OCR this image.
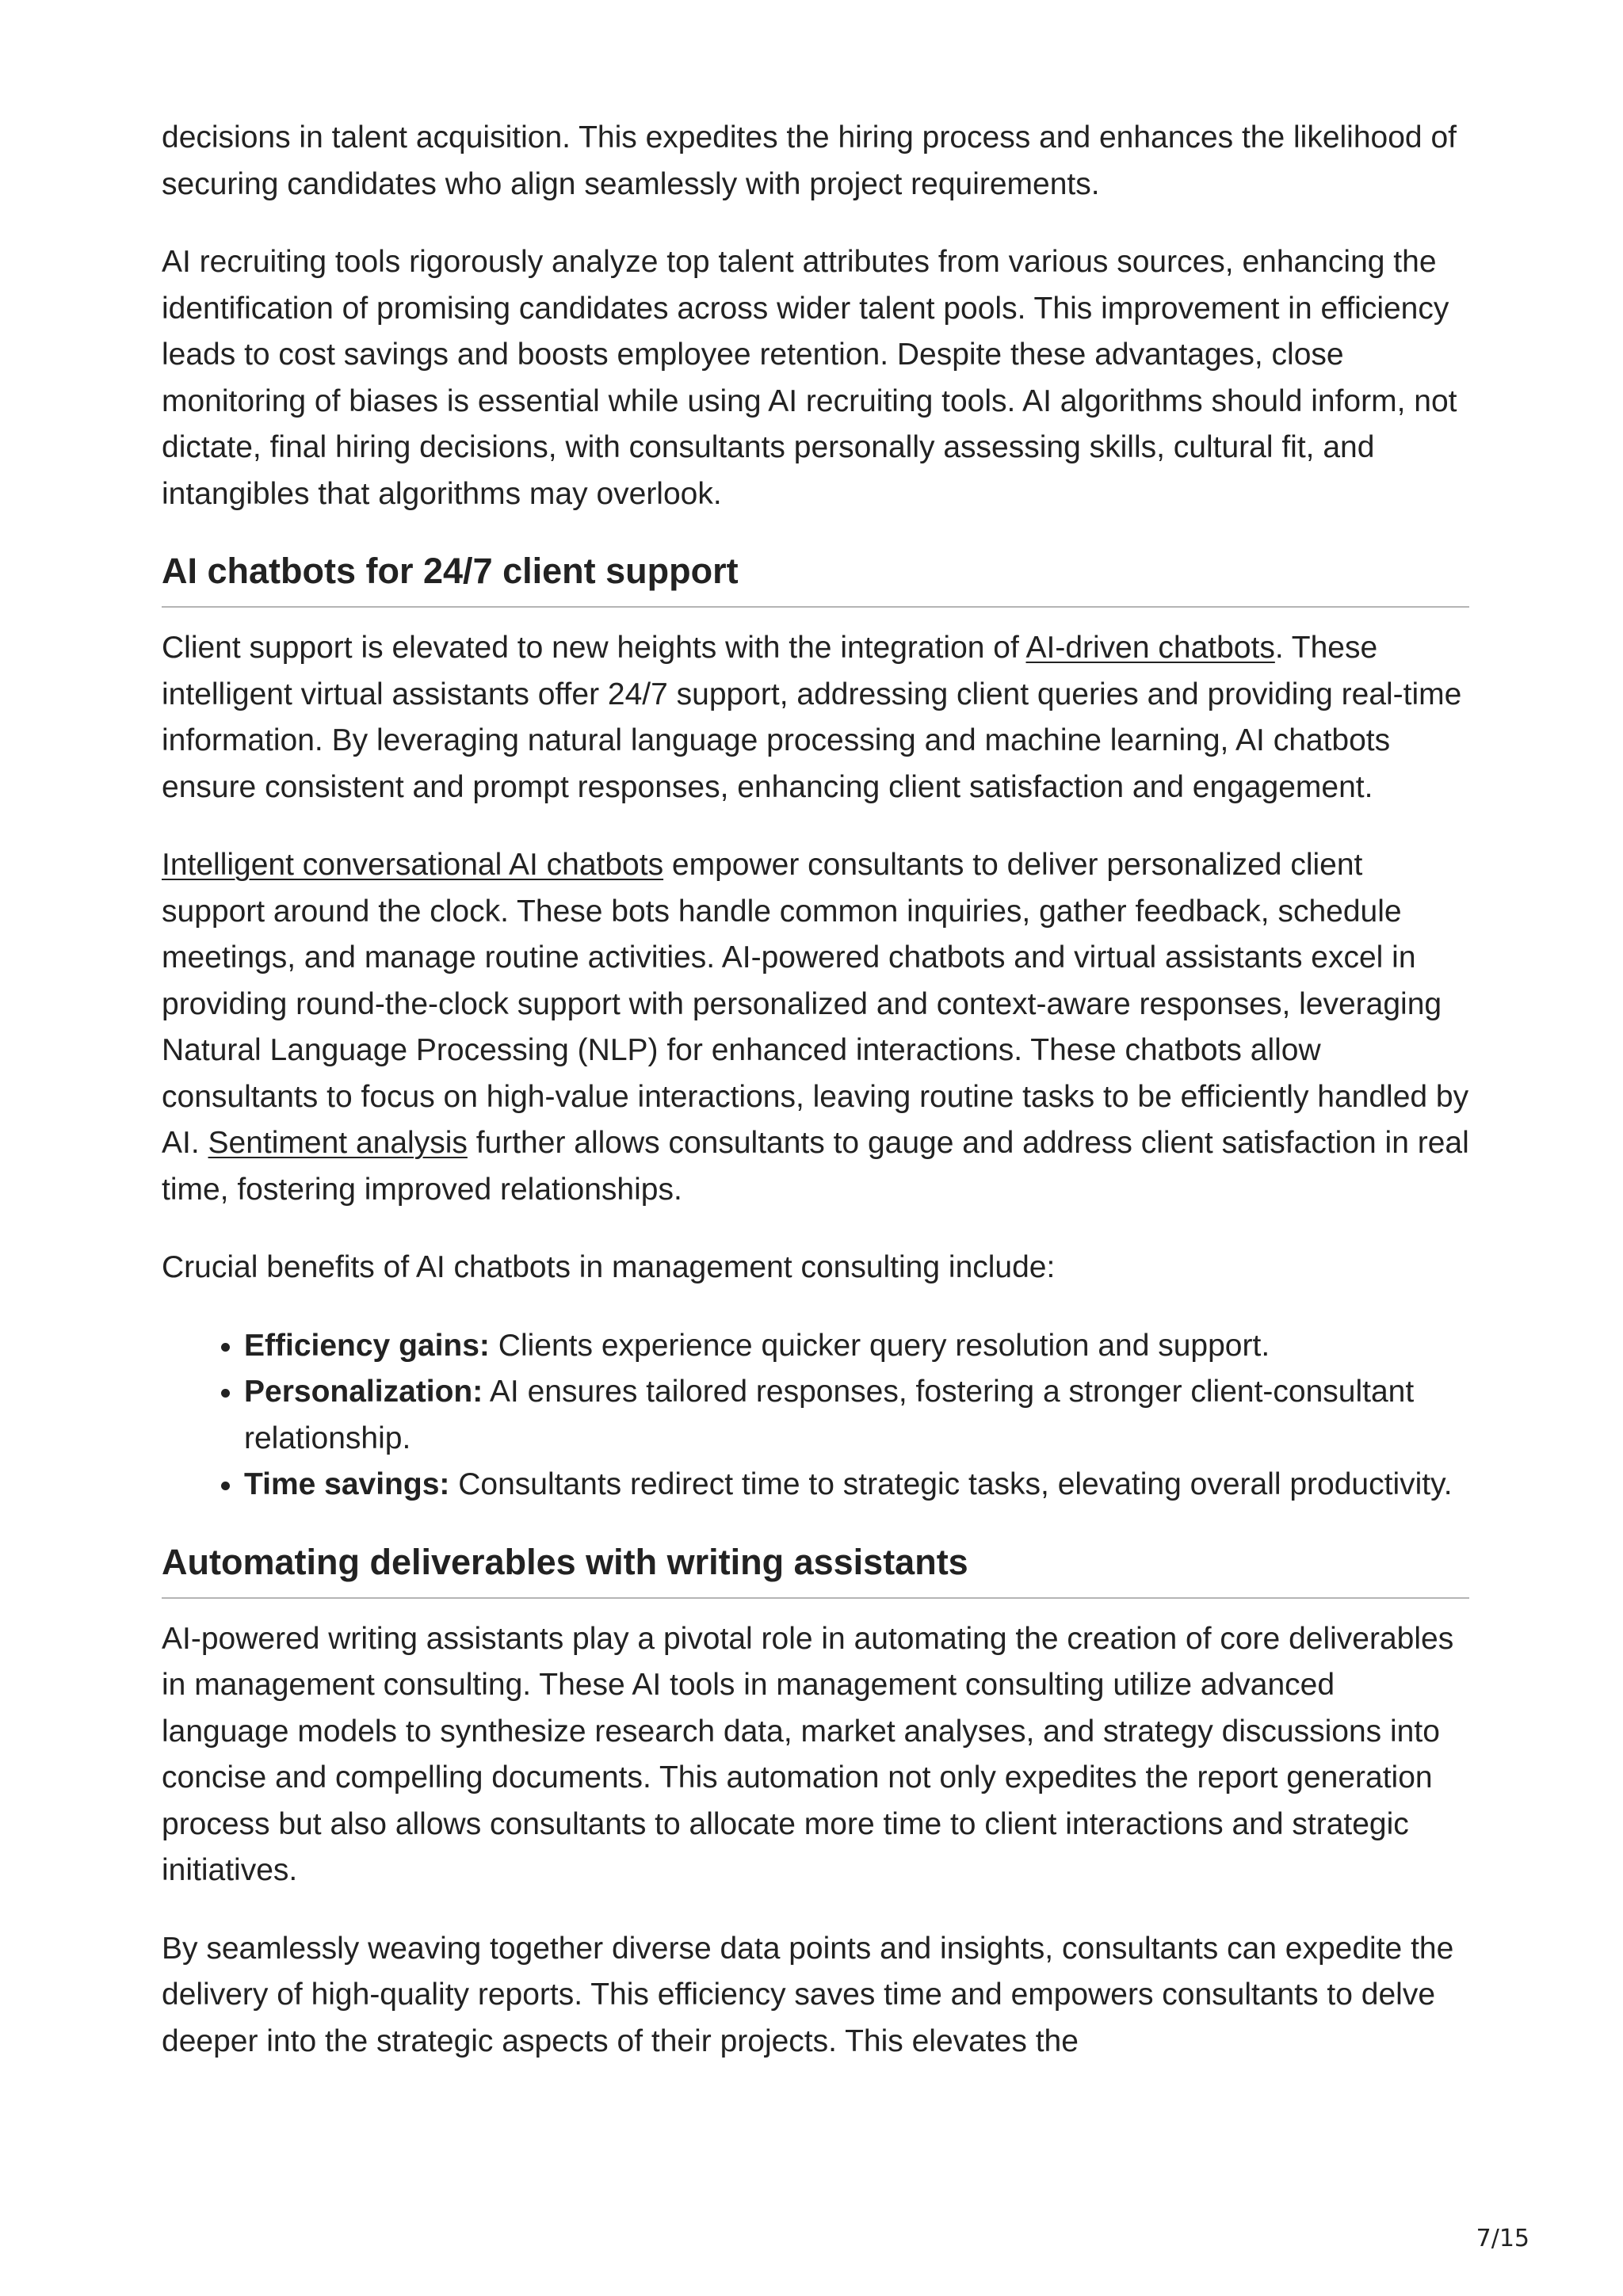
decisions in talent acquisition. This expedites the hiring process and enhances the likelihood of securing candidates who align seamlessly with project requirements.

AI recruiting tools rigorously analyze top talent attributes from various sources, enhancing the identification of promising candidates across wider talent pools. This improvement in efficiency leads to cost savings and boosts employee retention. Despite these advantages, close monitoring of biases is essential while using AI recruiting tools. AI algorithms should inform, not dictate, final hiring decisions, with consultants personally assessing skills, cultural fit, and intangibles that algorithms may overlook.

AI chatbots for 24/7 client support

Client support is elevated to new heights with the integration of AI-driven chatbots. These intelligent virtual assistants offer 24/7 support, addressing client queries and providing real-time information. By leveraging natural language processing and machine learning, AI chatbots ensure consistent and prompt responses, enhancing client satisfaction and engagement.

Intelligent conversational AI chatbots empower consultants to deliver personalized client support around the clock. These bots handle common inquiries, gather feedback, schedule meetings, and manage routine activities. AI-powered chatbots and virtual assistants excel in providing round-the-clock support with personalized and context-aware responses, leveraging Natural Language Processing (NLP) for enhanced interactions. These chatbots allow consultants to focus on high-value interactions, leaving routine tasks to be efficiently handled by AI. Sentiment analysis further allows consultants to gauge and address client satisfaction in real time, fostering improved relationships.

Crucial benefits of AI chatbots in management consulting include:

• Efficiency gains: Clients experience quicker query resolution and support.
• Personalization: AI ensures tailored responses, fostering a stronger client-consultant relationship.
• Time savings: Consultants redirect time to strategic tasks, elevating overall productivity.
Automating deliverables with writing assistants

AI-powered writing assistants play a pivotal role in automating the creation of core deliverables in management consulting. These AI tools in management consulting utilize advanced language models to synthesize research data, market analyses, and strategy discussions into concise and compelling documents. This automation not only expedites the report generation process but also allows consultants to allocate more time to client interactions and strategic initiatives.

By seamlessly weaving together diverse data points and insights, consultants can expedite the delivery of high-quality reports. This efficiency saves time and empowers consultants to delve deeper into the strategic aspects of their projects. This elevates the

7/15
